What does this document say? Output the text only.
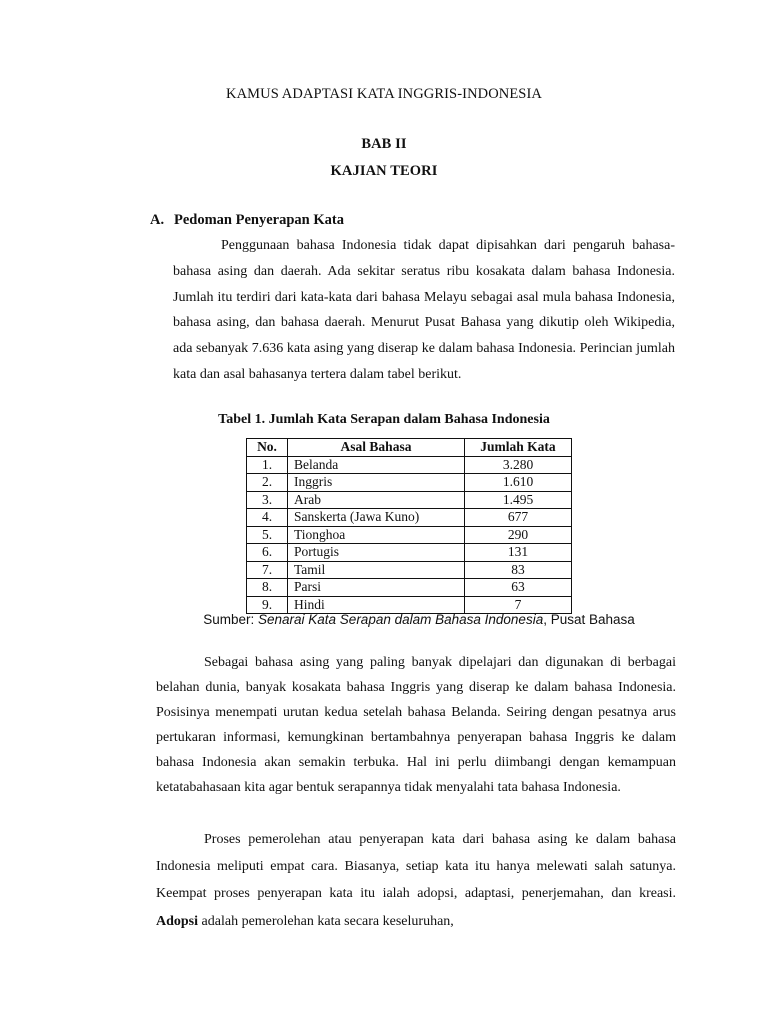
KAMUS ADAPTASI KATA INGGRIS-INDONESIA
BAB II
KAJIAN TEORI
A. Pedoman Penyerapan Kata

Penggunaan bahasa Indonesia tidak dapat dipisahkan dari pengaruh bahasa-bahasa asing dan daerah. Ada sekitar seratus ribu kosakata dalam bahasa Indonesia. Jumlah itu terdiri dari kata-kata dari bahasa Melayu sebagai asal mula bahasa Indonesia, bahasa asing, dan bahasa daerah. Menurut Pusat Bahasa yang dikutip oleh Wikipedia, ada sebanyak 7.636 kata asing yang diserap ke dalam bahasa Indonesia. Perincian jumlah kata dan asal bahasanya tertera dalam tabel berikut.

Tabel 1. Jumlah Kata Serapan dalam Bahasa Indonesia
No.	Asal Bahasa	Jumlah Kata
1.	Belanda	3.280
2.	Inggris	1.610
3.	Arab	1.495
4.	Sanskerta (Jawa Kuno)	677
5.	Tionghoa	290
6.	Portugis	131
7.	Tamil	83
8.	Parsi	63
9.	Hindi	7
Sumber: Senarai Kata Serapan dalam Bahasa Indonesia, Pusat Bahasa

Sebagai bahasa asing yang paling banyak dipelajari dan digunakan di berbagai belahan dunia, banyak kosakata bahasa Inggris yang diserap ke dalam bahasa Indonesia. Posisinya menempati urutan kedua setelah bahasa Belanda. Seiring dengan pesatnya arus pertukaran informasi, kemungkinan bertambahnya penyerapan bahasa Inggris ke dalam bahasa Indonesia akan semakin terbuka. Hal ini perlu diimbangi dengan kemampuan ketatabahasaan kita agar bentuk serapannya tidak menyalahi tata bahasa Indonesia.

Proses pemerolehan atau penyerapan kata dari bahasa asing ke dalam bahasa Indonesia meliputi empat cara. Biasanya, setiap kata itu hanya melewati salah satunya. Keempat proses penyerapan kata itu ialah adopsi, adaptasi, penerjemahan, dan kreasi. Adopsi adalah pemerolehan kata secara keseluruhan,
